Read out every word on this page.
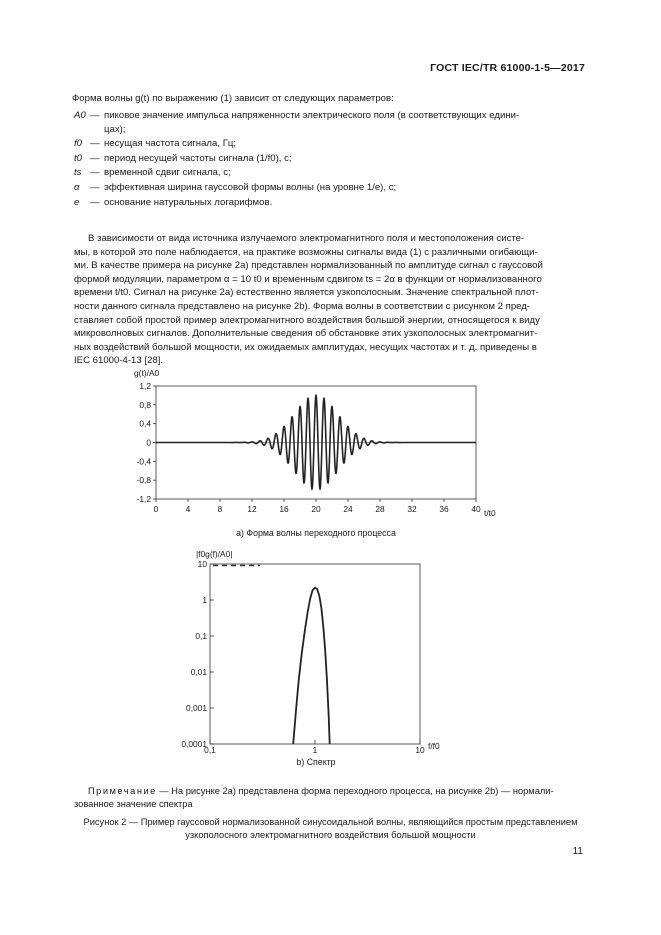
ГОСТ IEC/TR 61000-1-5—2017
Форма волны g(t) по выражению (1) зависит от следующих параметров:
A0 — пиковое значение импульса напряженности электрического поля (в соответствующих едини-
цах);
f0 — несущая частота сигнала, Гц;
t0 — период несущей частоты сигнала (1/f0), с;
ts — временной сдвиг сигнала, с;
α	— эффективная ширина гауссовой формы волны (на уровне 1/e), с;
e	— основание натуральных логарифмов.
В зависимости от вида источника излучаемого электромагнитного поля и местоположения систе-
мы, в которой это поле наблюдается, на практике возможны сигналы вида (1) с различными огибающи-
ми. В качестве примера на рисунке 2a) представлен нормализованный по амплитуде сигнал с гауссовой
формой модуляции, параметром α = 10 t0 и временным сдвигом ts = 2α в функции от нормализованного
времени t/t0. Сигнал на рисунке 2a) естественно является узкополосным. Значение спектральной плот-
ности данного сигнала представлено на рисунке 2b). Форма волны в соответствии с рисунком 2 пред-
ставляет собой простой пример электромагнитного воздействия большой энергии, относящегося к виду
микроволновых сигналов. Дополнительные сведения об обстановке этих узкополосных электромагнит-
ных воздействий большой мощности, их ожидаемых амплитудах, несущих частотах и т. д. приведены в
IEC 61000-4-13 [28].
g(t)/A0
1,2
0,8
0,4
0
-0,4
-0,8
-1,2
0	4	8	12	16	20	24	28	32	36	40 t/t0
a) Форма волны переходного процесса
|f0g(f)/A0|
10
1
0,1
0,01
0,001
0,0001
0,1	1	10 f/f0
b) Спектр
Примечание — На рисунке 2a) представлена форма переходного процесса, на рисунке 2b) — нормали-
зованное значение спектра
Рисунок 2 — Пример гауссовой нормализованной синусоидальной волны, являющийся простым представлением
узкополосного электромагнитного воздействия большой мощности
11
